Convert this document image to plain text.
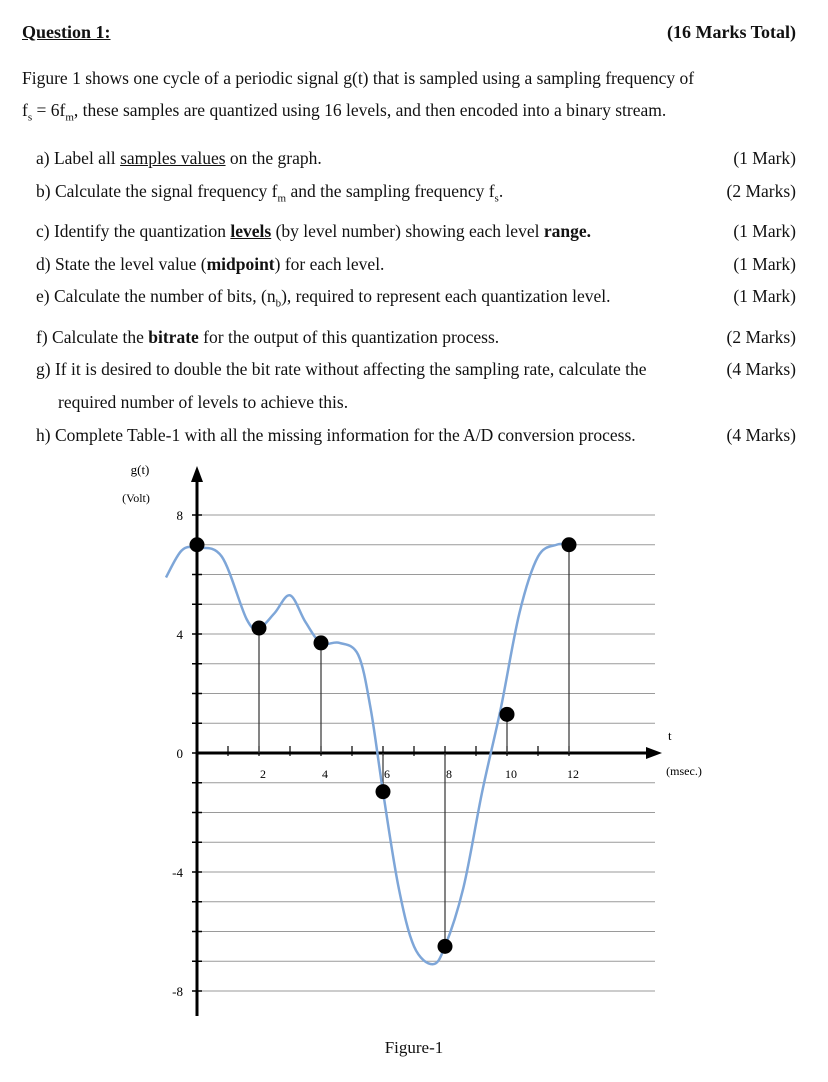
Question 1:	(16 Marks Total)
Figure 1 shows one cycle of a periodic signal g(t) that is sampled using a sampling frequency of
$f_s = 6f_m$, these samples are quantized using 16 levels, and then encoded into a binary stream.
a) Label all samples values on the graph.	(1 Mark)
b) Calculate the signal frequency $f_m$ and the sampling frequency $f_s$.	(2 Marks)
c) Identify the quantization levels (by level number) showing each level range.	(1 Mark)
d) State the level value (midpoint) for each level.	(1 Mark)
e) Calculate the number of bits, $(n_b)$, required to represent each quantization level.	(1 Mark)
f) Calculate the bitrate for the output of this quantization process.	(2 Marks)
g) If it is desired to double the bit rate without affecting the sampling rate, calculate the	(4 Marks)
required number of levels to achieve this.
h) Complete Table-1 with all the missing information for the A/D conversion process.	(4 Marks)
8
4
0
-4
-8
2	4	6	8	10	12
g(t)
(Volt)
t
(msec.)
Figure-1
